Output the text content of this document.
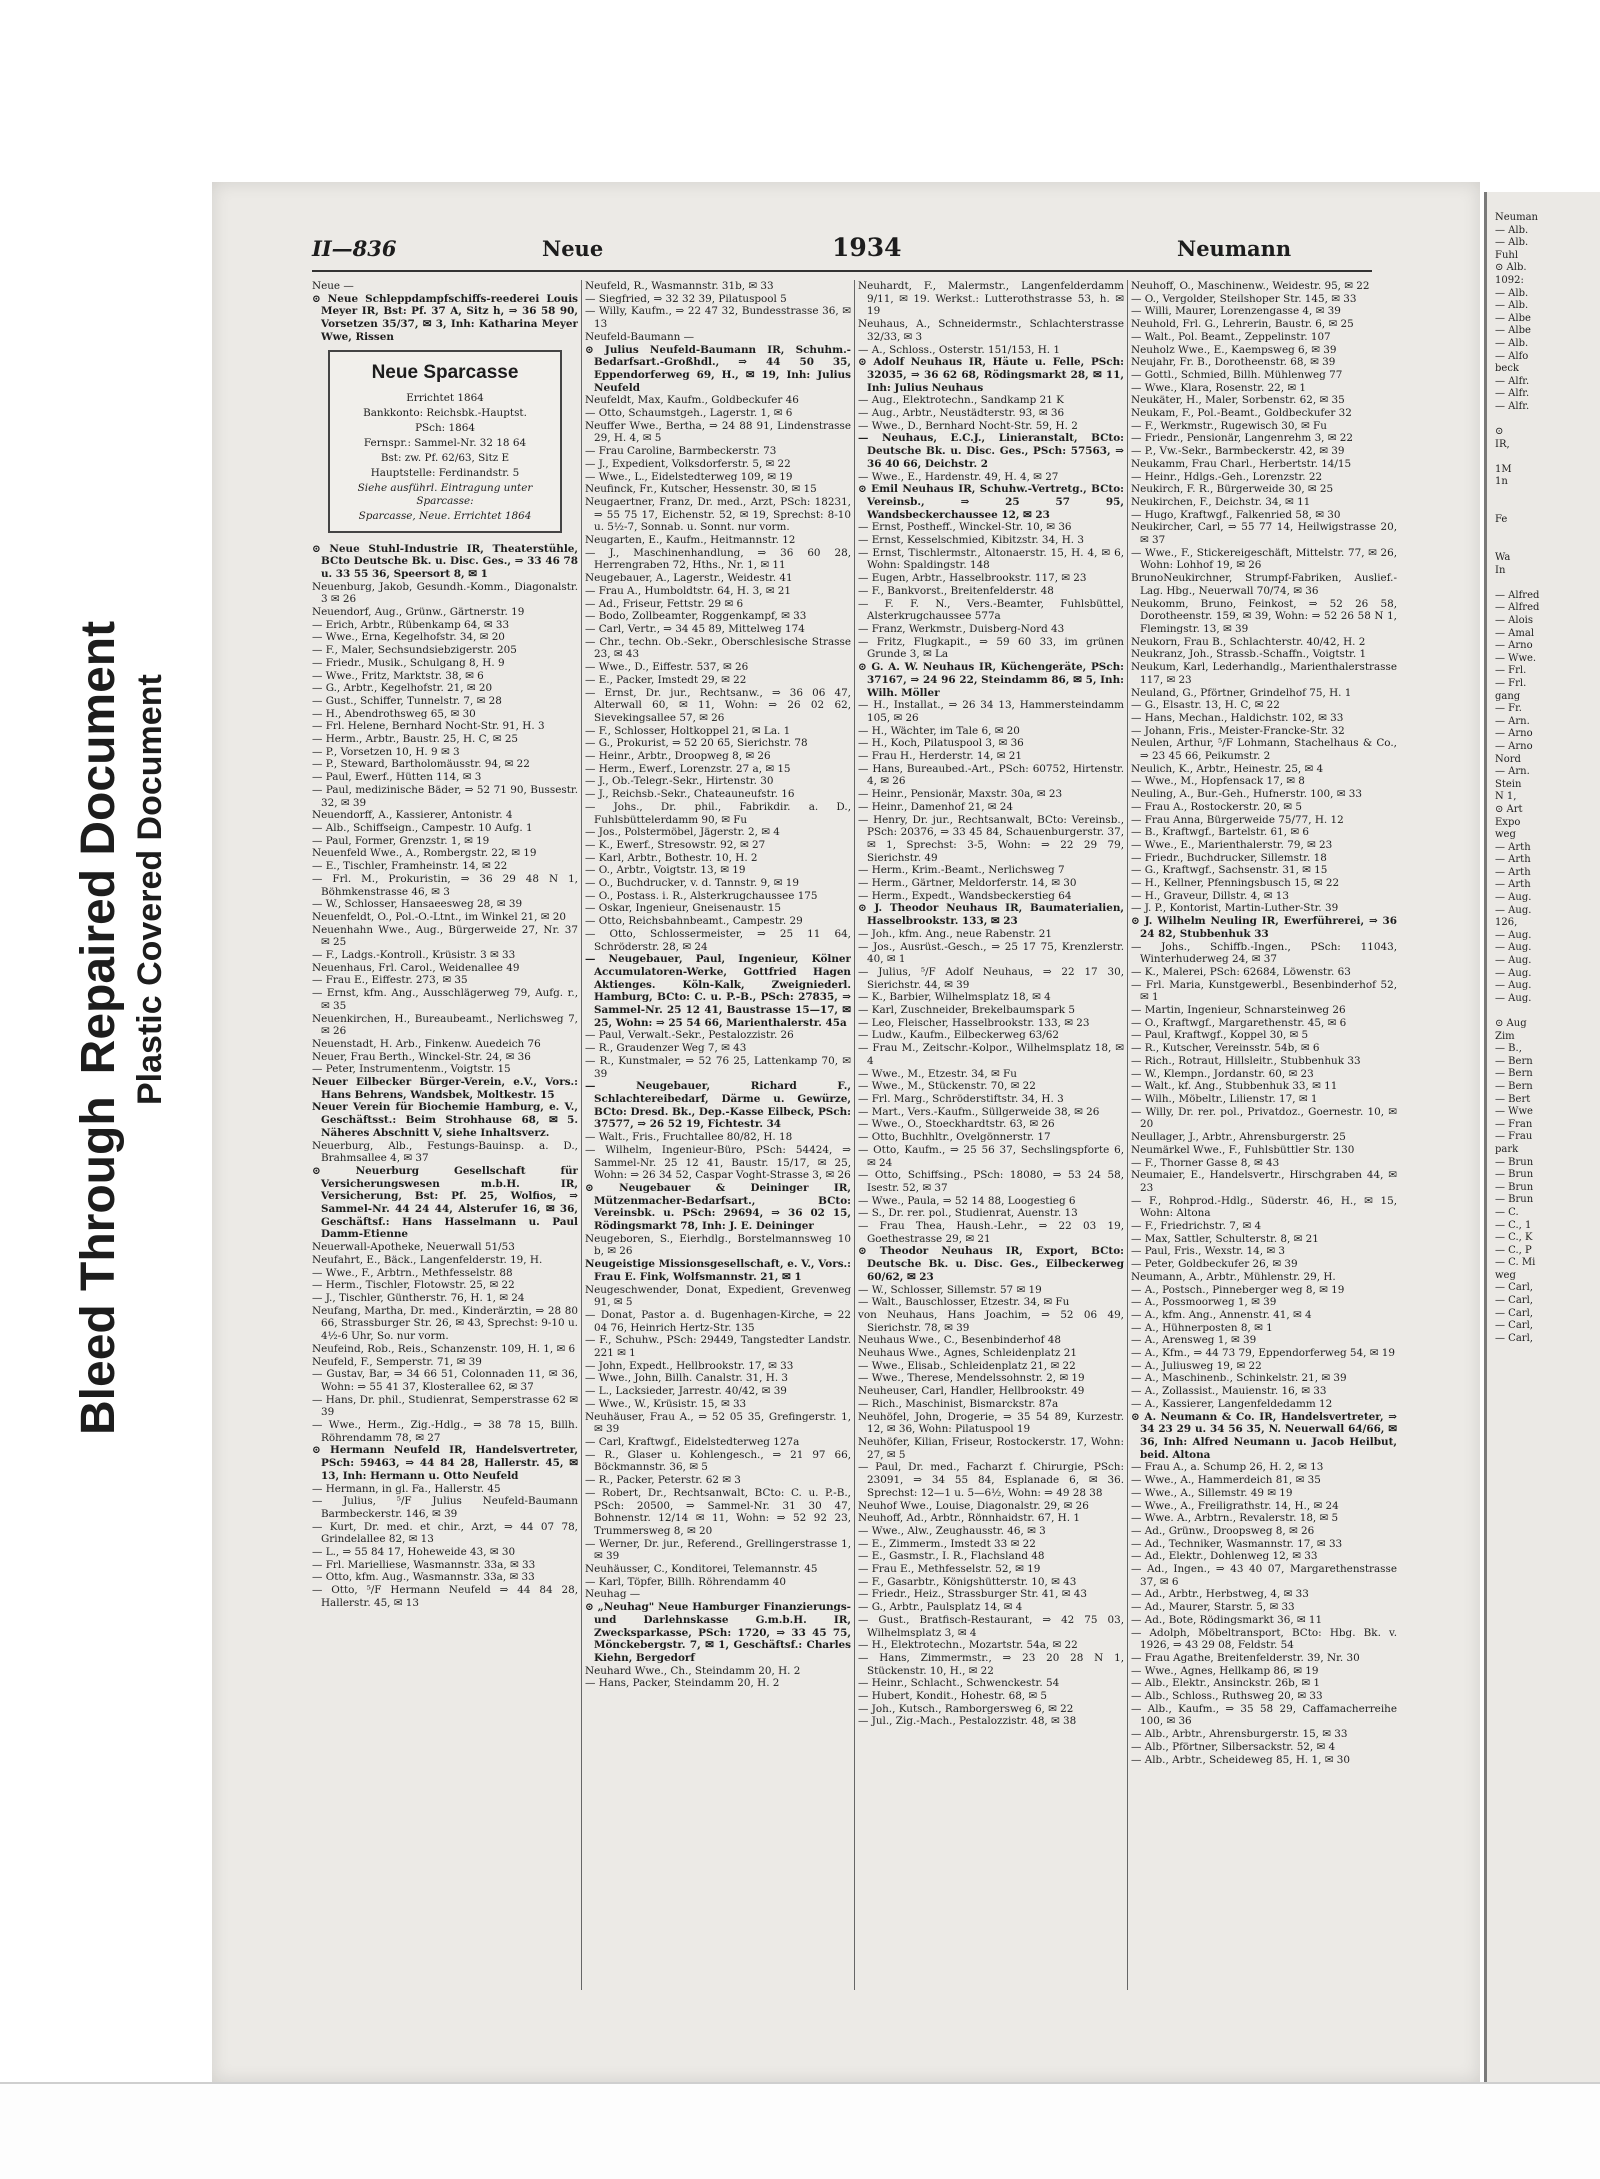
Bleed ThroughRepaired Document Plastic Covered Document
II—836	Neue	1934	Neumann

Neue —

⊙ Neue Schleppdampfschiffs-reederei Louis Meyer IR, Bst: Pf. 37 A, Sitz h, ⇒ 36 58 90, Vorsetzen 35/37, ✉ 3, Inh: Katharina Meyer Wwe, Rissen

Neue Sparcasse

Errichtet 1864

Bankkonto: Reichsbk.-Hauptst.

PSch: 1864

Fernspr.: Sammel-Nr. 32 18 64

Bst: zw. Pf. 62/63, Sitz E

Hauptstelle: Ferdinandstr. 5

Siehe ausführl. Eintragung unter Sparcasse:

Sparcasse, Neue. Errichtet 1864

⊙ Neue Stuhl-Industrie IR, Theaterstühle, BCto Deutsche Bk. u. Disc. Ges., ⇒ 33 46 78 u. 33 55 36, Speersort 8, ✉ 1

Neuenburg, Jakob, Gesundh.-Komm., Diagonalstr. 3 ✉ 26

Neuendorf, Aug., Grünw., Gärtnerstr. 19

— Erich, Arbtr., Rübenkamp 64, ✉ 33

— Wwe., Erna, Kegelhofstr. 34, ✉ 20

— F., Maler, Sechsundsiebzigerstr. 205

— Friedr., Musik., Schulgang 8, H. 9

— Wwe., Fritz, Marktstr. 38, ✉ 6

— G., Arbtr., Kegelhofstr. 21, ✉ 20

— Gust., Schiffer, Tunnelstr. 7, ✉ 28

— H., Abendrothsweg 65, ✉ 30

— Frl. Helene, Bernhard Nocht-Str. 91, H. 3

— Herm., Arbtr., Baustr. 25, H. C, ✉ 25

— P., Vorsetzen 10, H. 9 ✉ 3

— P., Steward, Bartholomäusstr. 94, ✉ 22

— Paul, Ewerf., Hütten 114, ✉ 3

— Paul, medizinische Bäder, ⇒ 52 71 90, Bussestr. 32, ✉ 39

Neuendorff, A., Kassierer, Antonistr. 4

— Alb., Schiffseign., Campestr. 10 Aufg. 1

— Paul, Former, Grenzstr. 1, ✉ 19

Neuenfeld Wwe., A., Rombergstr. 22, ✉ 19

— E., Tischler, Framheinstr. 14, ✉ 22

— Frl. M., Prokuristin, ⇒ 36 29 48 N 1, Böhmkenstrasse 46, ✉ 3

— W., Schlosser, Hansaeesweg 28, ✉ 39

Neuenfeldt, O., Pol.-O.-Ltnt., im Winkel 21, ✉ 20

Neuenhahn Wwe., Aug., Bürgerweide 27, Nr. 37 ✉ 25

— F., Ladgs.-Kontroll., Krüsistr. 3 ✉ 33

Neuenhaus, Frl. Carol., Weidenallee 49

— Frau E., Eiffestr. 273, ✉ 35

— Ernst, kfm. Ang., Ausschlägerweg 79, Aufg. r., ✉ 35

Neuenkirchen, H., Bureaubeamt., Nerlichsweg 7, ✉ 26

Neuenstadt, H. Arb., Finkenw. Auedeich 76

Neuer, Frau Berth., Winckel-Str. 24, ✉ 36

— Peter, Instrumentenm., Voigtstr. 15

Neuer Eilbecker Bürger-Verein, e.V., Vors.: Hans Behrens, Wandsbek, Moltkestr. 15

Neuer Verein für Biochemie Hamburg, e. V., Geschäftsst.: Beim Strohhause 68, ✉ 5. Näheres Abschnitt V, siehe Inhaltsverz.

Neuerburg, Alb., Festungs-Bauinsp. a. D., Brahmsallee 4, ✉ 37

⊙ Neuerburg Gesellschaft für Versicherungswesen m.b.H. IR, Versicherung, Bst: Pf. 25, Wolfios, ⇒ Sammel-Nr. 44 24 44, Alsterufer 16, ✉ 36, Geschäftsf.: Hans Hasselmann u. Paul Damm-Etienne

Neuerwall-Apotheke, Neuerwall 51/53

Neufahrt, E., Bäck., Langenfelderstr. 19, H.

— Wwe., F., Arbtrn., Methfesselstr. 88

— Herm., Tischler, Flotowstr. 25, ✉ 22

— J., Tischler, Güntherstr. 76, H. 1, ✉ 24

Neufang, Martha, Dr. med., Kinderärztin, ⇒ 28 80 66, Strassburger Str. 26, ✉ 43, Sprechst: 9-10 u. 4½-6 Uhr, So. nur vorm.

Neufeind, Rob., Reis., Schanzenstr. 109, H. 1, ✉ 6

Neufeld, F., Semperstr. 71, ✉ 39

— Gustav, Bar, ⇒ 34 66 51, Colonnaden 11, ✉ 36, Wohn: ⇒ 55 41 37, Klosterallee 62, ✉ 37

— Hans, Dr. phil., Studienrat, Semperstrasse 62 ✉ 39

— Wwe., Herm., Zig.-Hdlg., ⇒ 38 78 15, Billh. Röhrendamm 78, ✉ 27

⊙ Hermann Neufeld IR, Handelsvertreter, PSch: 59463, ⇒ 44 84 28, Hallerstr. 45, ✉ 13, Inh: Hermann u. Otto Neufeld

— Hermann, in gl. Fa., Hallerstr. 45

— Julius, ⁵/F Julius Neufeld-Baumann Barmbeckerstr. 146, ✉ 39

— Kurt, Dr. med. et chir., Arzt, ⇒ 44 07 78, Grindelallee 82, ✉ 13

— L., ⇒ 55 84 17, Hoheweide 43, ✉ 30

— Frl. Marielliese, Wasmannstr. 33a, ✉ 33

— Otto, kfm. Aug., Wasmannstr. 33a, ✉ 33

— Otto, ⁵/F Hermann Neufeld ⇒ 44 84 28, Hallerstr. 45, ✉ 13

Neufeld, R., Wasmannstr. 31b, ✉ 33

— Siegfried, ⇒ 32 32 39, Pilatuspool 5

— Willy, Kaufm., ⇒ 22 47 32, Bundesstrasse 36, ✉ 13

Neufeld-Baumann —

⊙ Julius Neufeld-Baumann IR, Schuhm.-Bedarfsart.-Großhdl., ⇒ 44 50 35, Eppendorferweg 69, H., ✉ 19, Inh: Julius Neufeld

Neufeldt, Max, Kaufm., Goldbeckufer 46

— Otto, Schaumstgeh., Lagerstr. 1, ✉ 6

Neuffer Wwe., Bertha, ⇒ 24 88 91, Lindenstrasse 29, H. 4, ✉ 5

— Frau Caroline, Barmbeckerstr. 73

— J., Expedient, Volksdorferstr. 5, ✉ 22

— Wwe., L., Eidelstedterweg 109, ✉ 19

Neufinck, Fr., Kutscher, Hessenstr. 30, ✉ 15

Neugaertner, Franz, Dr. med., Arzt, PSch: 18231, ⇒ 55 75 17, Eichenstr. 52, ✉ 19, Sprechst: 8-10 u. 5½-7, Sonnab. u. Sonnt. nur vorm.

Neugarten, E., Kaufm., Heitmannstr. 12

— J., Maschinenhandlung, ⇒ 36 60 28, Herrengraben 72, Hths., Nr. 1, ✉ 11

Neugebauer, A., Lagerstr., Weidestr. 41

— Frau A., Humboldtstr. 64, H. 3, ✉ 21

— Ad., Friseur, Fettstr. 29 ✉ 6

— Bodo, Zollbeamter, Roggenkampf, ✉ 33

— Carl, Vertr., ⇒ 34 45 89, Mittelweg 174

— Chr., techn. Ob.-Sekr., Oberschlesische Strasse 23, ✉ 43

— Wwe., D., Eiffestr. 537, ✉ 26

— E., Packer, Imstedt 29, ✉ 22

— Ernst, Dr. jur., Rechtsanw., ⇒ 36 06 47, Alterwall 60, ✉ 11, Wohn: ⇒ 26 02 62, Sievekingsallee 57, ✉ 26

— F., Schlosser, Holtkoppel 21, ✉ La. 1

— G., Prokurist, ⇒ 52 20 65, Sierichstr. 78

— Heinr., Arbtr., Droopweg 8, ✉ 26

— Herm., Ewerf., Lorenzstr. 27 a, ✉ 15

— J., Ob.-Telegr.-Sekr., Hirtenstr. 30

— J., Reichsb.-Sekr., Chateauneufstr. 16

— Johs., Dr. phil., Fabrikdir. a. D., Fuhlsbüttelerdamm 90, ✉ Fu

— Jos., Polstermöbel, Jägerstr. 2, ✉ 4

— K., Ewerf., Stresowstr. 92, ✉ 27

— Karl, Arbtr., Bothestr. 10, H. 2

— O., Arbtr., Voigtstr. 13, ✉ 19

— O., Buchdrucker, v. d. Tannstr. 9, ✉ 19

— O., Postass. i. R., Alsterkrugchaussee 175

— Oskar, Ingenieur, Gneisenaustr. 15

— Otto, Reichsbahnbeamt., Campestr. 29

— Otto, Schlossermeister, ⇒ 25 11 64, Schröderstr. 28, ✉ 24

— Neugebauer, Paul, Ingenieur, Kölner Accumulatoren-Werke, Gottfried Hagen Aktienges. Köln-Kalk, Zweigniederl. Hamburg, BCto: C. u. P.-B., PSch: 27835, ⇒ Sammel-Nr. 25 12 41, Baustrasse 15—17, ✉ 25, Wohn: ⇒ 25 54 66, Marienthalerstr. 45a

— Paul, Verwalt.-Sekr., Pestalozzistr. 26

— R., Graudenzer Weg 7, ✉ 43

— R., Kunstmaler, ⇒ 52 76 25, Lattenkamp 70, ✉ 39

— Neugebauer, Richard F., Schlachtereibedarf, Därme u. Gewürze, BCto: Dresd. Bk., Dep.-Kasse Eilbeck, PSch: 37577, ⇒ 26 52 19, Fichtestr. 34

— Walt., Fris., Fruchtallee 80/82, H. 18

— Wilhelm, Ingenieur-Büro, PSch: 54424, ⇒ Sammel-Nr. 25 12 41, Baustr. 15/17, ✉ 25, Wohn: ⇒ 26 34 52, Caspar Voght-Strasse 3, ✉ 26

⊙ Neugebauer & Deininger IR, Mützenmacher-Bedarfsart., BCto: Vereinsbk. u. PSch: 29694, ⇒ 36 02 15, Rödingsmarkt 78, Inh: J. E. Deininger

Neugeboren, S., Eierhdlg., Borstelmannsweg 10 b, ✉ 26

Neugeistige Missionsgesellschaft, e. V., Vors.: Frau E. Fink, Wolfsmannstr. 21, ✉ 1

Neugeschwender, Donat, Expedient, Grevenweg 91, ✉ 5

— Donat, Pastor a. d. Bugenhagen-Kirche, ⇒ 22 04 76, Heinrich Hertz-Str. 135

— F., Schuhw., PSch: 29449, Tangstedter Landstr. 221 ✉ 1

— John, Expedt., Hellbrookstr. 17, ✉ 33

— Wwe., John, Billh. Canalstr. 31, H. 3

— L., Lacksieder, Jarrestr. 40/42, ✉ 39

— Wwe., W., Krüsistr. 15, ✉ 33

Neuhäuser, Frau A., ⇒ 52 05 35, Grefingerstr. 1, ✉ 39

— Carl, Kraftwgf., Eidelstedterweg 127a

— R., Glaser u. Kohlengesch., ⇒ 21 97 66, Böckmannstr. 36, ✉ 5

— R., Packer, Peterstr. 62 ✉ 3

— Robert, Dr., Rechtsanwalt, BCto: C. u. P.-B., PSch: 20500, ⇒ Sammel-Nr. 31 30 47, Bohnenstr. 12/14 ✉ 11, Wohn: ⇒ 52 92 23, Trummersweg 8, ✉ 20

— Werner, Dr. jur., Referend., Grellingerstrasse 1, ✉ 39

Neuhäusser, C., Konditorei, Telemannstr. 45

— Karl, Töpfer, Billh. Röhrendamm 40

Neuhag —

⊙ „Neuhag" Neue Hamburger Finanzierungs- und Darlehnskasse G.m.b.H. IR, Zwecksparkasse, PSch: 1720, ⇒ 33 45 75, Mönckebergstr. 7, ✉ 1, Geschäftsf.: Charles Kiehn, Bergedorf

Neuhard Wwe., Ch., Steindamm 20, H. 2

— Hans, Packer, Steindamm 20, H. 2

Neuhardt, F., Malermstr., Langenfelderdamm 9/11, ✉ 19. Werkst.: Lutterothstrasse 53, h. ✉ 19

Neuhaus, A., Schneidermstr., Schlachterstrasse 32/33, ✉ 3

— A., Schloss., Osterstr. 151/153, H. 1

⊙ Adolf Neuhaus IR, Häute u. Felle, PSch: 32035, ⇒ 36 62 68, Rödingsmarkt 28, ✉ 11, Inh: Julius Neuhaus

— Aug., Elektrotechn., Sandkamp 21 K

— Aug., Arbtr., Neustädterstr. 93, ✉ 36

— Wwe., D., Bernhard Nocht-Str. 59, H. 2

— Neuhaus, E.C.J., Linieranstalt, BCto: Deutsche Bk. u. Disc. Ges., PSch: 57563, ⇒ 36 40 66, Deichstr. 2

— Wwe., E., Hardenstr. 49, H. 4, ✉ 27

⊙ Emil Neuhaus IR, Schuhw.-Vertretg., BCto: Vereinsb., ⇒ 25 57 95, Wandsbeckerchaussee 12, ✉ 23

— Ernst, Postheff., Winckel-Str. 10, ✉ 36

— Ernst, Kesselschmied, Kibitzstr. 34, H. 3

— Ernst, Tischlermstr., Altonaerstr. 15, H. 4, ✉ 6, Wohn: Spaldingstr. 148

— Eugen, Arbtr., Hasselbrookstr. 117, ✉ 23

— F., Bankvorst., Breitenfelderstr. 48

— F. F. N., Vers.-Beamter, Fuhlsbüttel, Alsterkrugchaussee 577a

— Franz, Werkmstr., Duisberg-Nord 43

— Fritz, Flugkapit., ⇒ 59 60 33, im grünen Grunde 3, ✉ La

⊙ G. A. W. Neuhaus IR, Küchengeräte, PSch: 37167, ⇒ 24 96 22, Steindamm 86, ✉ 5, Inh: Wilh. Möller

— H., Installat., ⇒ 26 34 13, Hammersteindamm 105, ✉ 26

— H., Wächter, im Tale 6, ✉ 20

— H., Koch, Pilatuspool 3, ✉ 36

— Frau H., Herderstr. 14, ✉ 21

— Hans, Bureaubed.-Art., PSch: 60752, Hirtenstr. 4, ✉ 26

— Heinr., Pensionär, Maxstr. 30a, ✉ 23

— Heinr., Damenhof 21, ✉ 24

— Henry, Dr. jur., Rechtsanwalt, BCto: Vereinsb., PSch: 20376, ⇒ 33 45 84, Schauenburgerstr. 37, ✉ 1, Sprechst: 3-5, Wohn: ⇒ 22 29 79, Sierichstr. 49

— Herm., Krim.-Beamt., Nerlichsweg 7

— Herm., Gärtner, Meldorferstr. 14, ✉ 30

— Herm., Expedt., Wandsbeckerstieg 64

⊙ J. Theodor Neuhaus IR, Baumaterialien, Hasselbrookstr. 133, ✉ 23

— Joh., kfm. Ang., neue Rabenstr. 21

— Jos., Ausrüst.-Gesch., ⇒ 25 17 75, Krenzlerstr. 40, ✉ 1

— Julius, ⁵/F Adolf Neuhaus, ⇒ 22 17 30, Sierichstr. 44, ✉ 39

— K., Barbier, Wilhelmsplatz 18, ✉ 4

— Karl, Zuschneider, Brekelbaumspark 5

— Leo, Fleischer, Hasselbrookstr. 133, ✉ 23

— Ludw., Kaufm., Eilbeckerweg 63/62

— Frau M., Zeitschr.-Kolpor., Wilhelmsplatz 18, ✉ 4

— Wwe., M., Etzestr. 34, ✉ Fu

— Wwe., M., Stückenstr. 70, ✉ 22

— Frl. Marg., Schröderstiftstr. 34, H. 3

— Mart., Vers.-Kaufm., Süllgerweide 38, ✉ 26

— Wwe., O., Stoeckhardtstr. 63, ✉ 26

— Otto, Buchhltr., Ovelgönnerstr. 17

— Otto, Kaufm., ⇒ 25 56 37, Sechslingspforte 6, ✉ 24

— Otto, Schiffsing., PSch: 18080, ⇒ 53 24 58, Isestr. 52, ✉ 37

— Wwe., Paula, ⇒ 52 14 88, Loogestieg 6

— S., Dr. rer. pol., Studienrat, Auenstr. 13

— Frau Thea, Haush.-Lehr., ⇒ 22 03 19, Goethestrasse 29, ✉ 21

⊙ Theodor Neuhaus IR, Export, BCto: Deutsche Bk. u. Disc. Ges., Eilbeckerweg 60/62, ✉ 23

— W., Schlosser, Sillemstr. 57 ✉ 19

— Walt., Bauschlosser, Etzestr. 34, ✉ Fu

von Neuhaus, Hans Joachim, ⇒ 52 06 49, Sierichstr. 78, ✉ 39

Neuhaus Wwe., C., Besenbinderhof 48

Neuhaus Wwe., Agnes, Schleidenplatz 21

— Wwe., Elisab., Schleidenplatz 21, ✉ 22

— Wwe., Therese, Mendelssohnstr. 2, ✉ 19

Neuheuser, Carl, Handler, Hellbrookstr. 49

— Rich., Maschinist, Bismarckstr. 87a

Neuhöfel, John, Drogerie, ⇒ 35 54 89, Kurzestr. 12, ✉ 36, Wohn: Pilatuspool 19

Neuhöfer, Kilian, Friseur, Rostockerstr. 17, Wohn: 27, ✉ 5

— Paul, Dr. med., Facharzt f. Chirurgie, PSch: 23091, ⇒ 34 55 84, Esplanade 6, ✉ 36. Sprechst: 12—1 u. 5—6½, Wohn: ⇒ 49 28 38

Neuhof Wwe., Louise, Diagonalstr. 29, ✉ 26

Neuhoff, Ad., Arbtr., Rönnhaidstr. 67, H. 1

— Wwe., Alw., Zeughausstr. 46, ✉ 3

— E., Zimmerm., Imstedt 33 ✉ 22

— E., Gasmstr., I. R., Flachsland 48

— Frau E., Methfesselstr. 52, ✉ 19

— F., Gasarbtr., Königshütterstr. 10, ✉ 43

— Friedr., Heiz., Strassburger Str. 41, ✉ 43

— G., Arbtr., Paulsplatz 14, ✉ 4

— Gust., Bratfisch-Restaurant, ⇒ 42 75 03, Wilhelmsplatz 3, ✉ 4

— H., Elektrotechn., Mozartstr. 54a, ✉ 22

— Hans, Zimmermstr., ⇒ 23 20 28 N 1, Stückenstr. 10, H., ✉ 22

— Heinr., Schlacht., Schwenckestr. 54

— Hubert, Kondit., Hohestr. 68, ✉ 5

— Joh., Kutsch., Ramborgersweg 6, ✉ 22

— Jul., Zig.-Mach., Pestalozzistr. 48, ✉ 38

Neuhoff, O., Maschinenw., Weidestr. 95, ✉ 22

— O., Vergolder, Steilshoper Str. 145, ✉ 33

— Willi, Maurer, Lorenzengasse 4, ✉ 39

Neuhold, Frl. G., Lehrerin, Baustr. 6, ✉ 25

— Walt., Pol. Beamt., Zeppelinstr. 107

Neuholz Wwe., E., Kaempsweg 6, ✉ 39

Neujahr, Fr. B., Dorotheenstr. 68, ✉ 39

— Gottl., Schmied, Billh. Mühlenweg 77

— Wwe., Klara, Rosenstr. 22, ✉ 1

Neukäter, H., Maler, Sorbenstr. 62, ✉ 35

Neukam, F., Pol.-Beamt., Goldbeckufer 32

— F., Werkmstr., Rugewisch 30, ✉ Fu

— Friedr., Pensionär, Langenrehm 3, ✉ 22

— P., Vw.-Sekr., Barmbeckerstr. 42, ✉ 39

Neukamm, Frau Charl., Herbertstr. 14/15

— Heinr., Hdlgs.-Geh., Lorenzstr. 22

Neukirch, F. R., Bürgerweide 30, ✉ 25

Neukirchen, F., Deichstr. 34, ✉ 11

— Hugo, Kraftwgf., Falkenried 58, ✉ 30

Neukircher, Carl, ⇒ 55 77 14, Heilwigstrasse 20, ✉ 37

— Wwe., F., Stickereigeschäft, Mittelstr. 77, ✉ 26, Wohn: Lohhof 19, ✉ 26

BrunoNeukirchner, Strumpf-Fabriken, Auslief.-Lag. Hbg., Neuerwall 70/74, ✉ 36

Neukomm, Bruno, Feinkost, ⇒ 52 26 58, Dorotheenstr. 159, ✉ 39, Wohn: ⇒ 52 26 58 N 1, Flemingstr. 13, ✉ 39

Neukorn, Frau B., Schlachterstr. 40/42, H. 2

Neukranz, Joh., Strassb.-Schaffn., Voigtstr. 1

Neukum, Karl, Lederhandlg., Marienthalerstrasse 117, ✉ 23

Neuland, G., Pförtner, Grindelhof 75, H. 1

— G., Elsastr. 13, H. C, ✉ 22

— Hans, Mechan., Haldichstr. 102, ✉ 33

— Johann, Fris., Meister-Francke-Str. 32

Neulen, Arthur, ⁵/F Lohmann, Stachelhaus & Co., ⇒ 23 45 66, Peikumstr. 2

Neulich, K., Arbtr., Heinestr. 25, ✉ 4

— Wwe., M., Hopfensack 17, ✉ 8

Neuling, A., Bur.-Geh., Hufnerstr. 100, ✉ 33

— Frau A., Rostockerstr. 20, ✉ 5

— Frau Anna, Bürgerweide 75/77, H. 12

— B., Kraftwgf., Bartelstr. 61, ✉ 6

— Wwe., E., Marienthalerstr. 79, ✉ 23

— Friedr., Buchdrucker, Sillemstr. 18

— G., Kraftwgf., Sachsenstr. 31, ✉ 15

— H., Kellner, Pfenningsbusch 15, ✉ 22

— H., Graveur, Dillstr. 4, ✉ 13

— J. P., Kontorist, Martin-Luther-Str. 39

⊙ J. Wilhelm Neuling IR, Ewerführerei, ⇒ 36 24 82, Stubbenhuk 33

— Johs., Schiffb.-Ingen., PSch: 11043, Winterhuderweg 24, ✉ 37

— K., Malerei, PSch: 62684, Löwenstr. 63

— Frl. Maria, Kunstgewerbl., Besenbinderhof 52, ✉ 1

— Martin, Ingenieur, Schnarsteinweg 26

— O., Kraftwgf., Margarethenstr. 45, ✉ 6

— Paul, Kraftwgf., Koppel 30, ✉ 5

— R., Kutscher, Vereinsstr. 54b, ✉ 6

— Rich., Rotraut, Hillsleitr., Stubbenhuk 33

— W., Klempn., Jordanstr. 60, ✉ 23

— Walt., kf. Ang., Stubbenhuk 33, ✉ 11

— Wilh., Möbeltr., Lilienstr. 17, ✉ 1

— Willy, Dr. rer. pol., Privatdoz., Goernestr. 10, ✉ 20

Neullager, J., Arbtr., Ahrensburgerstr. 25

Neumärkel Wwe., F., Fuhlsbüttler Str. 130

— F., Thorner Gasse 8, ✉ 43

Neumaier, E., Handelsvertr., Hirschgraben 44, ✉ 23

— F., Rohprod.-Hdlg., Süderstr. 46, H., ✉ 15, Wohn: Altona

— F., Friedrichstr. 7, ✉ 4

— Max, Sattler, Schulterstr. 8, ✉ 21

— Paul, Fris., Wexstr. 14, ✉ 3

— Peter, Goldbeckufer 26, ✉ 39

Neumann, A., Arbtr., Mühlenstr. 29, H.

— A., Postsch., Pinneberger weg 8, ✉ 19

— A., Possmoorweg 1, ✉ 39

— A., kfm. Ang., Annenstr. 41, ✉ 4

— A., Hühnerposten 8, ✉ 1

— A., Arensweg 1, ✉ 39

— A., Kfm., ⇒ 44 73 79, Eppendorferweg 54, ✉ 19

— A., Juliusweg 19, ✉ 22

— A., Maschinenb., Schinkelstr. 21, ✉ 39

— A., Zollassist., Mauienstr. 16, ✉ 33

— A., Kassierer, Langenfeldedamm 12

⊙ A. Neumann & Co. IR, Handelsvertreter, ⇒ 34 23 29 u. 34 56 35, N. Neuerwall 64/66, ✉ 36, Inh: Alfred Neumann u. Jacob Heilbut, beid. Altona

— Frau A., a. Schump 26, H. 2, ✉ 13

— Wwe., A., Hammerdeich 81, ✉ 35

— Wwe., A., Sillemstr. 49 ✉ 19

— Wwe., A., Freiligrathstr. 14, H., ✉ 24

— Wwe. A., Arbtrn., Revalerstr. 18, ✉ 5

— Ad., Grünw., Droopsweg 8, ✉ 26

— Ad., Techniker, Wasmannstr. 17, ✉ 33

— Ad., Elektr., Dohlenweg 12, ✉ 33

— Ad., Ingen., ⇒ 43 40 07, Margarethenstrasse 37, ✉ 6

— Ad., Arbtr., Herbstweg, 4, ✉ 33

— Ad., Maurer, Starstr. 5, ✉ 33

— Ad., Bote, Rödingsmarkt 36, ✉ 11

— Adolph, Möbeltransport, BCto: Hbg. Bk. v. 1926, ⇒ 43 29 08, Feldstr. 54

— Frau Agathe, Breitenfelderstr. 39, Nr. 30

— Wwe., Agnes, Hellkamp 86, ✉ 19

— Alb., Elektr., Ansinckstr. 26b, ✉ 1

— Alb., Schloss., Ruthsweg 20, ✉ 33

— Alb., Kaufm., ⇒ 35 58 29, Caffamacherreihe 100, ✉ 36

— Alb., Arbtr., Ahrensburgerstr. 15, ✉ 33

— Alb., Pförtner, Silbersackstr. 52, ✉ 4

— Alb., Arbtr., Scheideweg 85, H. 1, ✉ 30

Neuman
— Alb.
— Alb.
Fuhl
⊙ Alb.
1092:
— Alb.
— Alb.
— Albe
— Albe
— Alb.
— Alfo
beck
— Alfr.
— Alfr.
— Alfr.

⊙
IR,

1M
1n

Fe

Wa
In

— Alfred
— Alfred
— Alois
— Amal
— Arno
— Wwe.
— Frl.
— Frl.
gang
— Fr.
— Arn.
— Arno
— Arno
Nord
— Arn.
Stein
N 1,
⊙ Art
Expo
weg
— Arth
— Arth
— Arth
— Arth
— Aug.
— Aug.
126,
— Aug.
— Aug.
— Aug.
— Aug.
— Aug.
— Aug.

⊙ Aug
Zim
— B.,
— Bern
— Bern
— Bern
— Bert
— Wwe
— Fran
— Frau
park
— Brun
— Brun
— Brun
— Brun
— C.
— C., 1
— C., K
— C., P
— C. Mi
weg
— Carl,
— Carl,
— Carl,
— Carl,
— Carl,
